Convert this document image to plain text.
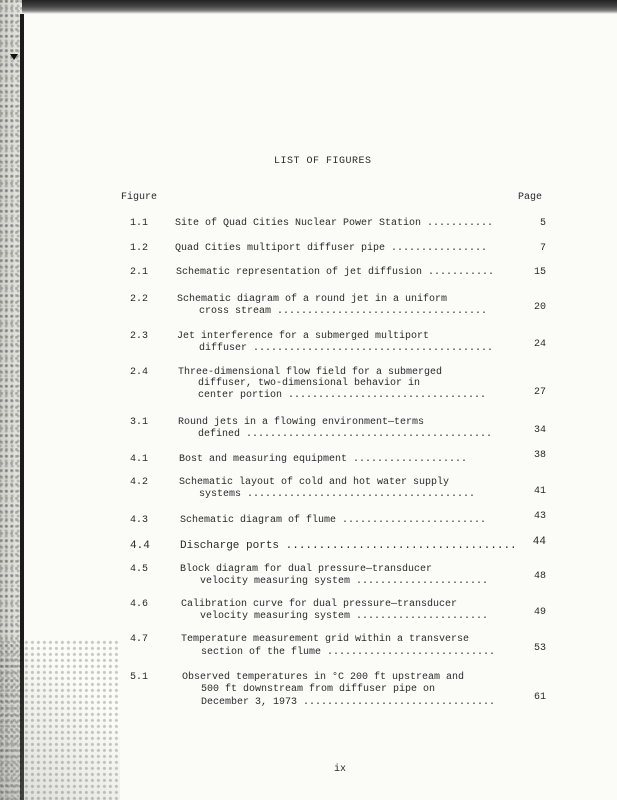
LIST OF FIGURES
Figure	Page
1.1	Site of Quad Cities Nuclear Power Station ...........	5
1.2	Quad Cities multiport diffuser pipe ................	7
2.1	Schematic representation of jet diffusion ...........	15
2.2	Schematic diagram of a round jet in a uniform
cross stream ...................................	20
2.3	Jet interference for a submerged multiport
diffuser ........................................	24
2.4	Three-dimensional flow field for a submerged
diffuser, two-dimensional behavior in
center portion .................................	27
3.1	Round jets in a flowing environment—terms
defined .........................................	34
4.1	Bost and measuring equipment ...................	38
4.2	Schematic layout of cold and hot water supply
systems ......................................	41
4.3	Schematic diagram of flume ........................	43
4.4	Discharge ports ...................................	44
4.5	Block diagram for dual pressure—transducer
velocity measuring system ......................	48
4.6	Calibration curve for dual pressure—transducer
velocity measuring system ......................	49
4.7	Temperature measurement grid within a transverse
section of the flume ............................	53
5.1	Observed temperatures in °C 200 ft upstream and
500 ft downstream from diffuser pipe on
December 3, 1973 ................................	61
ix
